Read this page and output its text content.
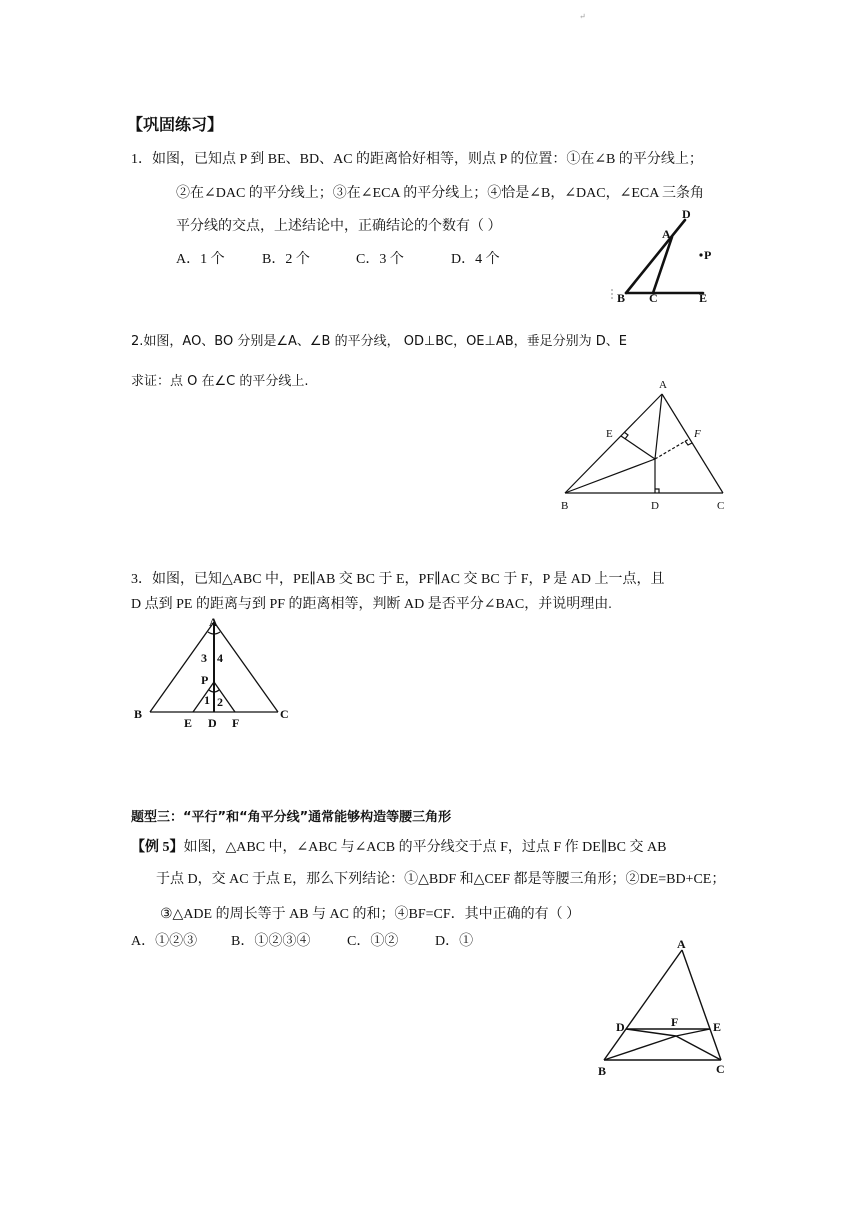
↵
【巩固练习】
1．如图，已知点 P 到 BE、BD、AC 的距离恰好相等，则点 P 的位置：①在∠B 的平分线上；
②在∠DAC 的平分线上；③在∠ECA 的平分线上；④恰是∠B，∠DAC，∠ECA 三条角
平分线的交点，上述结论中，正确结论的个数有（ ）
A．1 个	B．2 个	C．3 个	D．4 个
D
A
P
B C	E
2.如图，AO、BO 分别是∠A、∠B 的平分线， OD⊥BC，OE⊥AB，垂足分别为 D、E
求证：点 O 在∠C 的平分线上.	A
E	F
B	D	C
3．如图，已知△ABC 中，PE∥AB 交 BC 于 E，PF∥AC 交 BC 于 F，P 是 AD 上一点，且
D 点到 PE 的距离与到 PF 的距离相等，判断 AD 是否平分∠BAC，并说明理由.
A
3 4
P
1 2
B
E D F
C
题型三：“平行”和“角平分线”通常能够构造等腰三角形
【例 5】如图，△ABC 中，∠ABC 与∠ACB 的平分线交于点 F，过点 F 作 DE∥BC 交 AB
于点 D，交 AC 于点 E，那么下列结论：①△BDF 和△CEF 都是等腰三角形；②DE=BD+CE；
③△ADE 的周长等于 AB 与 AC 的和；④BF=CF．其中正确的有（ ）
A．①②③ B．①②③④	C．①②	D．①	A
D	F	E
B	C
